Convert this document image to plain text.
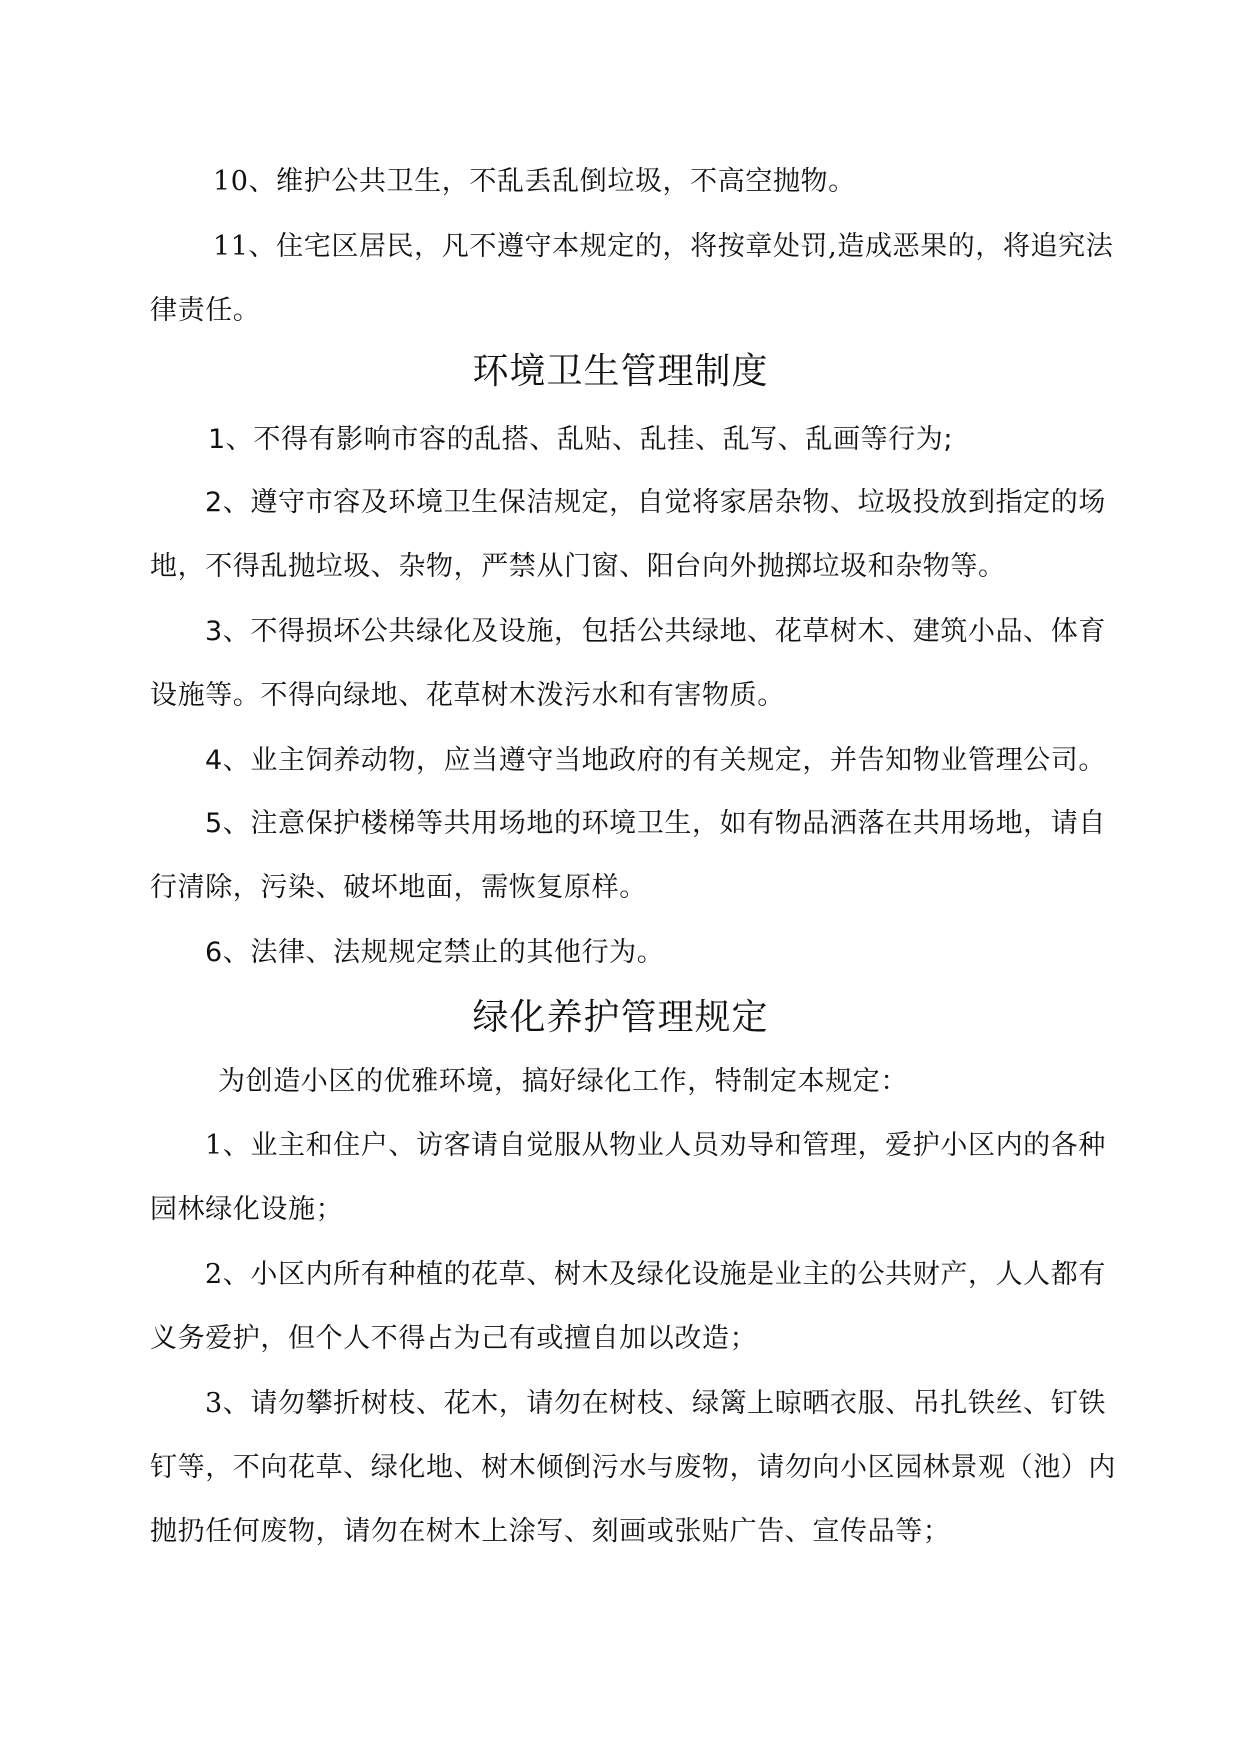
10、维护公共卫生，不乱丢乱倒垃圾，不高空抛物。

11、住宅区居民，凡不遵守本规定的，将按章处罚,造成恶果的，将追究法律责任。

环境卫生管理制度

1、不得有影响市容的乱搭、乱贴、乱挂、乱写、乱画等行为;

2、遵守市容及环境卫生保洁规定，自觉将家居杂物、垃圾投放到指定的场地，不得乱抛垃圾、杂物，严禁从门窗、阳台向外抛掷垃圾和杂物等。

3、不得损坏公共绿化及设施，包括公共绿地、花草树木、建筑小品、体育设施等。不得向绿地、花草树木泼污水和有害物质。

4、业主饲养动物，应当遵守当地政府的有关规定，并告知物业管理公司。

5、注意保护楼梯等共用场地的环境卫生，如有物品洒落在共用场地，请自行清除，污染、破坏地面，需恢复原样。

6、法律、法规规定禁止的其他行为。

绿化养护管理规定

为创造小区的优雅环境，搞好绿化工作，特制定本规定：

1、业主和住户、访客请自觉服从物业人员劝导和管理，爱护小区内的各种园林绿化设施；

2、小区内所有种植的花草、树木及绿化设施是业主的公共财产，人人都有义务爱护，但个人不得占为己有或擅自加以改造；

3、请勿攀折树枝、花木，请勿在树枝、绿篱上晾晒衣服、吊扎铁丝、钉铁钉等，不向花草、绿化地、树木倾倒污水与废物，请勿向小区园林景观（池）内抛扔任何废物，请勿在树木上涂写、刻画或张贴广告、宣传品等；
